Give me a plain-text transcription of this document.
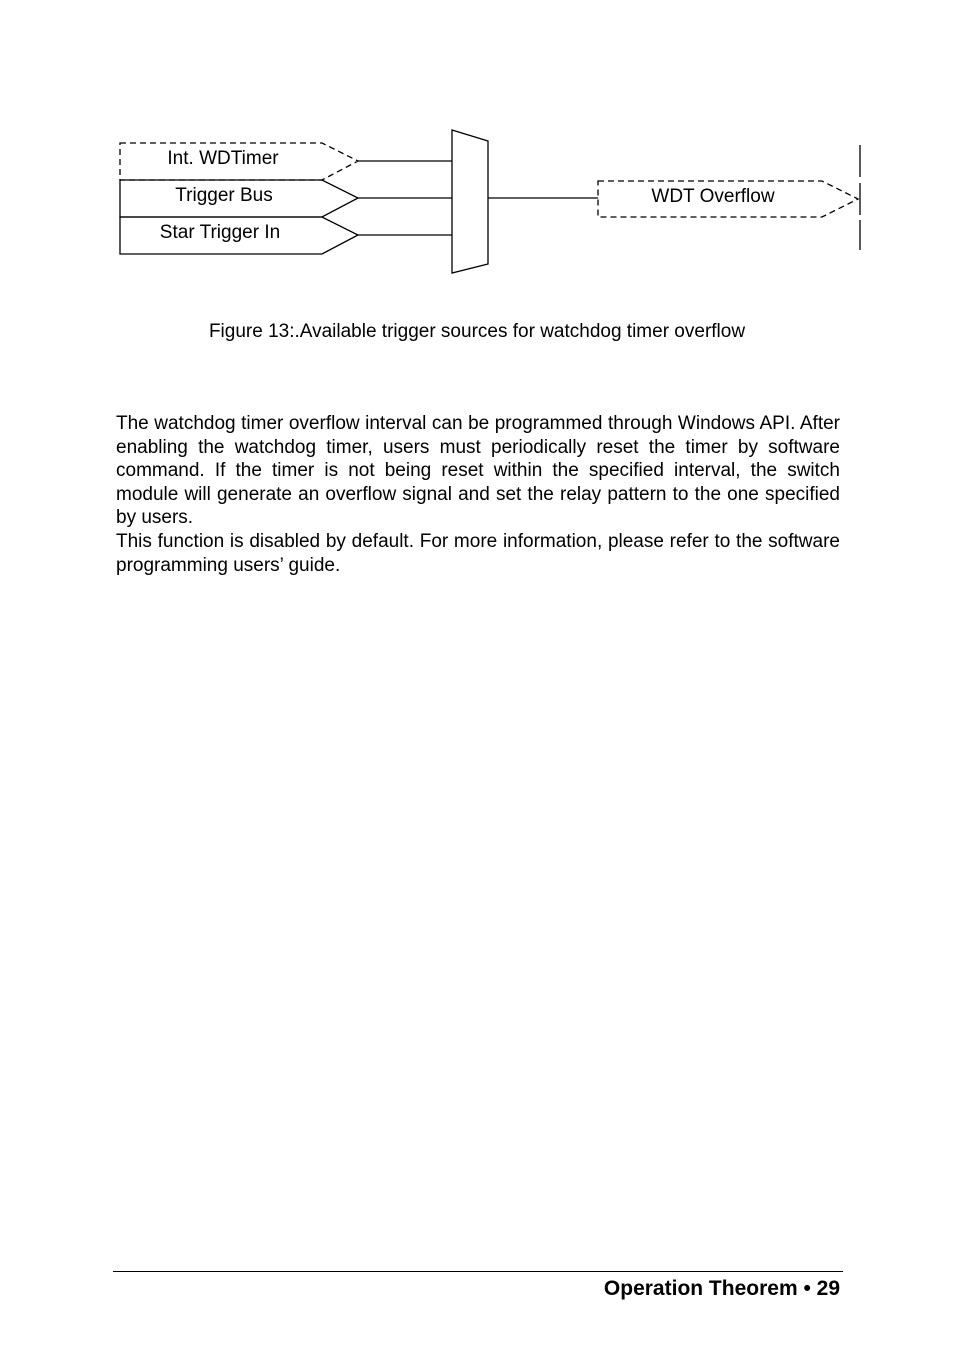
Int. WDTimer
Trigger Bus
Star Trigger In
WDT Overflow
Figure 13:.Available trigger sources for watchdog timer overflow

The watchdog timer overflow interval can be programmed through Windows API. After enabling the watchdog timer, users must periodically reset the timer by software command. If the timer is not being reset within the specified interval, the switch module will generate an overflow signal and set the relay pattern to the one specified by users.

This function is disabled by default. For more information, please refer to the software programming users’ guide.

Operation Theorem • 29
